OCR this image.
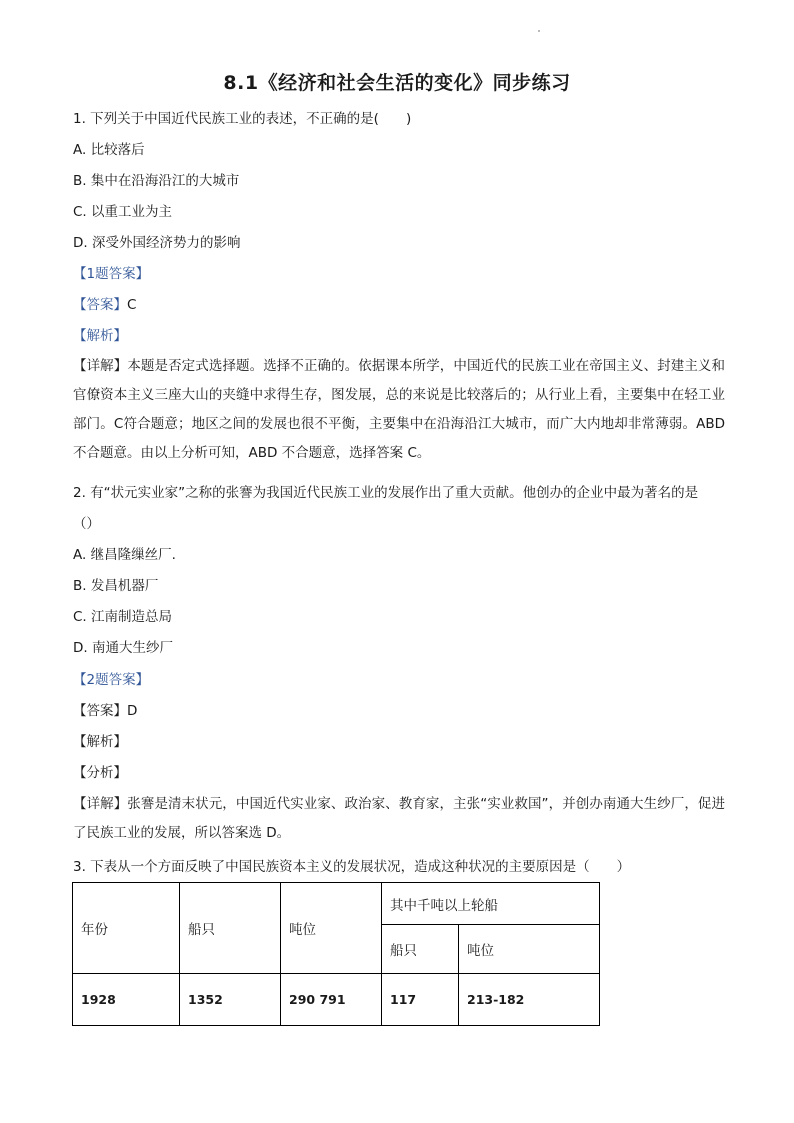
8.1《经济和社会生活的变化》同步练习
1. 下列关于中国近代民族工业的表述，不正确的是(　　)
A. 比较落后
B. 集中在沿海沿江的大城市
C. 以重工业为主
D. 深受外国经济势力的影响
【1题答案】
【答案】C
【解析】
【详解】本题是否定式选择题。选择不正确的。依据课本所学，中国近代的民族工业在帝国主义、封建主义和官僚资本主义三座大山的夹缝中求得生存，图发展，总的来说是比较落后的；从行业上看，主要集中在轻工业部门。C符合题意；地区之间的发展也很不平衡，主要集中在沿海沿江大城市，而广大内地却非常薄弱。ABD 不合题意。由以上分析可知，ABD 不合题意，选择答案 C。
2. 有“状元实业家”之称的张謇为我国近代民族工业的发展作出了重大贡献。他创办的企业中最为著名的是
（）
A. 继昌隆缫丝厂.
B. 发昌机器厂
C. 江南制造总局
D. 南通大生纱厂
【2题答案】
【答案】D
【解析】
【分析】
【详解】张謇是清末状元，中国近代实业家、政治家、教育家，主张“实业救国”，并创办南通大生纱厂，促进了民族工业的发展，所以答案选 D。
3. 下表从一个方面反映了中国民族资本主义的发展状况，造成这种状况的主要原因是（　　）
年份	船只	吨位	其中千吨以上轮船	
			船只	吨位
1928	1352	290 791	117	213-182
